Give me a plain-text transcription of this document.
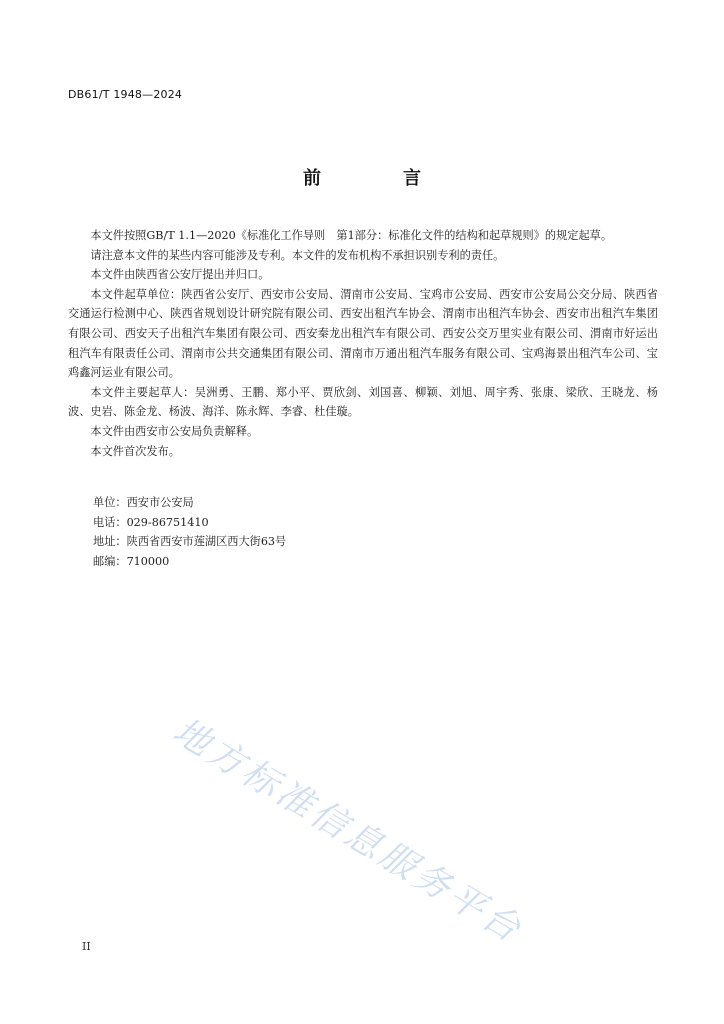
DB61/T 1948—2024
前　言

本文件按照GB/T 1.1—2020《标准化工作导则　第1部分：标准化文件的结构和起草规则》的规定起草。

请注意本文件的某些内容可能涉及专利。本文件的发布机构不承担识别专利的责任。

本文件由陕西省公安厅提出并归口。

本文件起草单位：陕西省公安厅、西安市公安局、渭南市公安局、宝鸡市公安局、西安市公安局公交分局、陕西省交通运行检测中心、陕西省规划设计研究院有限公司、西安出租汽车协会、渭南市出租汽车协会、西安市出租汽车集团有限公司、西安天子出租汽车集团有限公司、西安秦龙出租汽车有限公司、西安公交万里实业有限公司、渭南市好运出租汽车有限责任公司、渭南市公共交通集团有限公司、渭南市万通出租汽车服务有限公司、宝鸡海景出租汽车公司、宝鸡鑫河运业有限公司。

本文件主要起草人：吴洲勇、王鹏、郑小平、贾欣剑、刘国喜、柳颖、刘旭、周宇秀、张康、梁欣、王晓龙、杨波、史岩、陈金龙、杨波、海洋、陈永辉、李睿、杜佳璇。

本文件由西安市公安局负责解释。

本文件首次发布。

单位：西安市公安局
电话：029-86751410
地址：陕西省西安市莲湖区西大街63号
邮编：710000
地方标准信息服务平台
II
